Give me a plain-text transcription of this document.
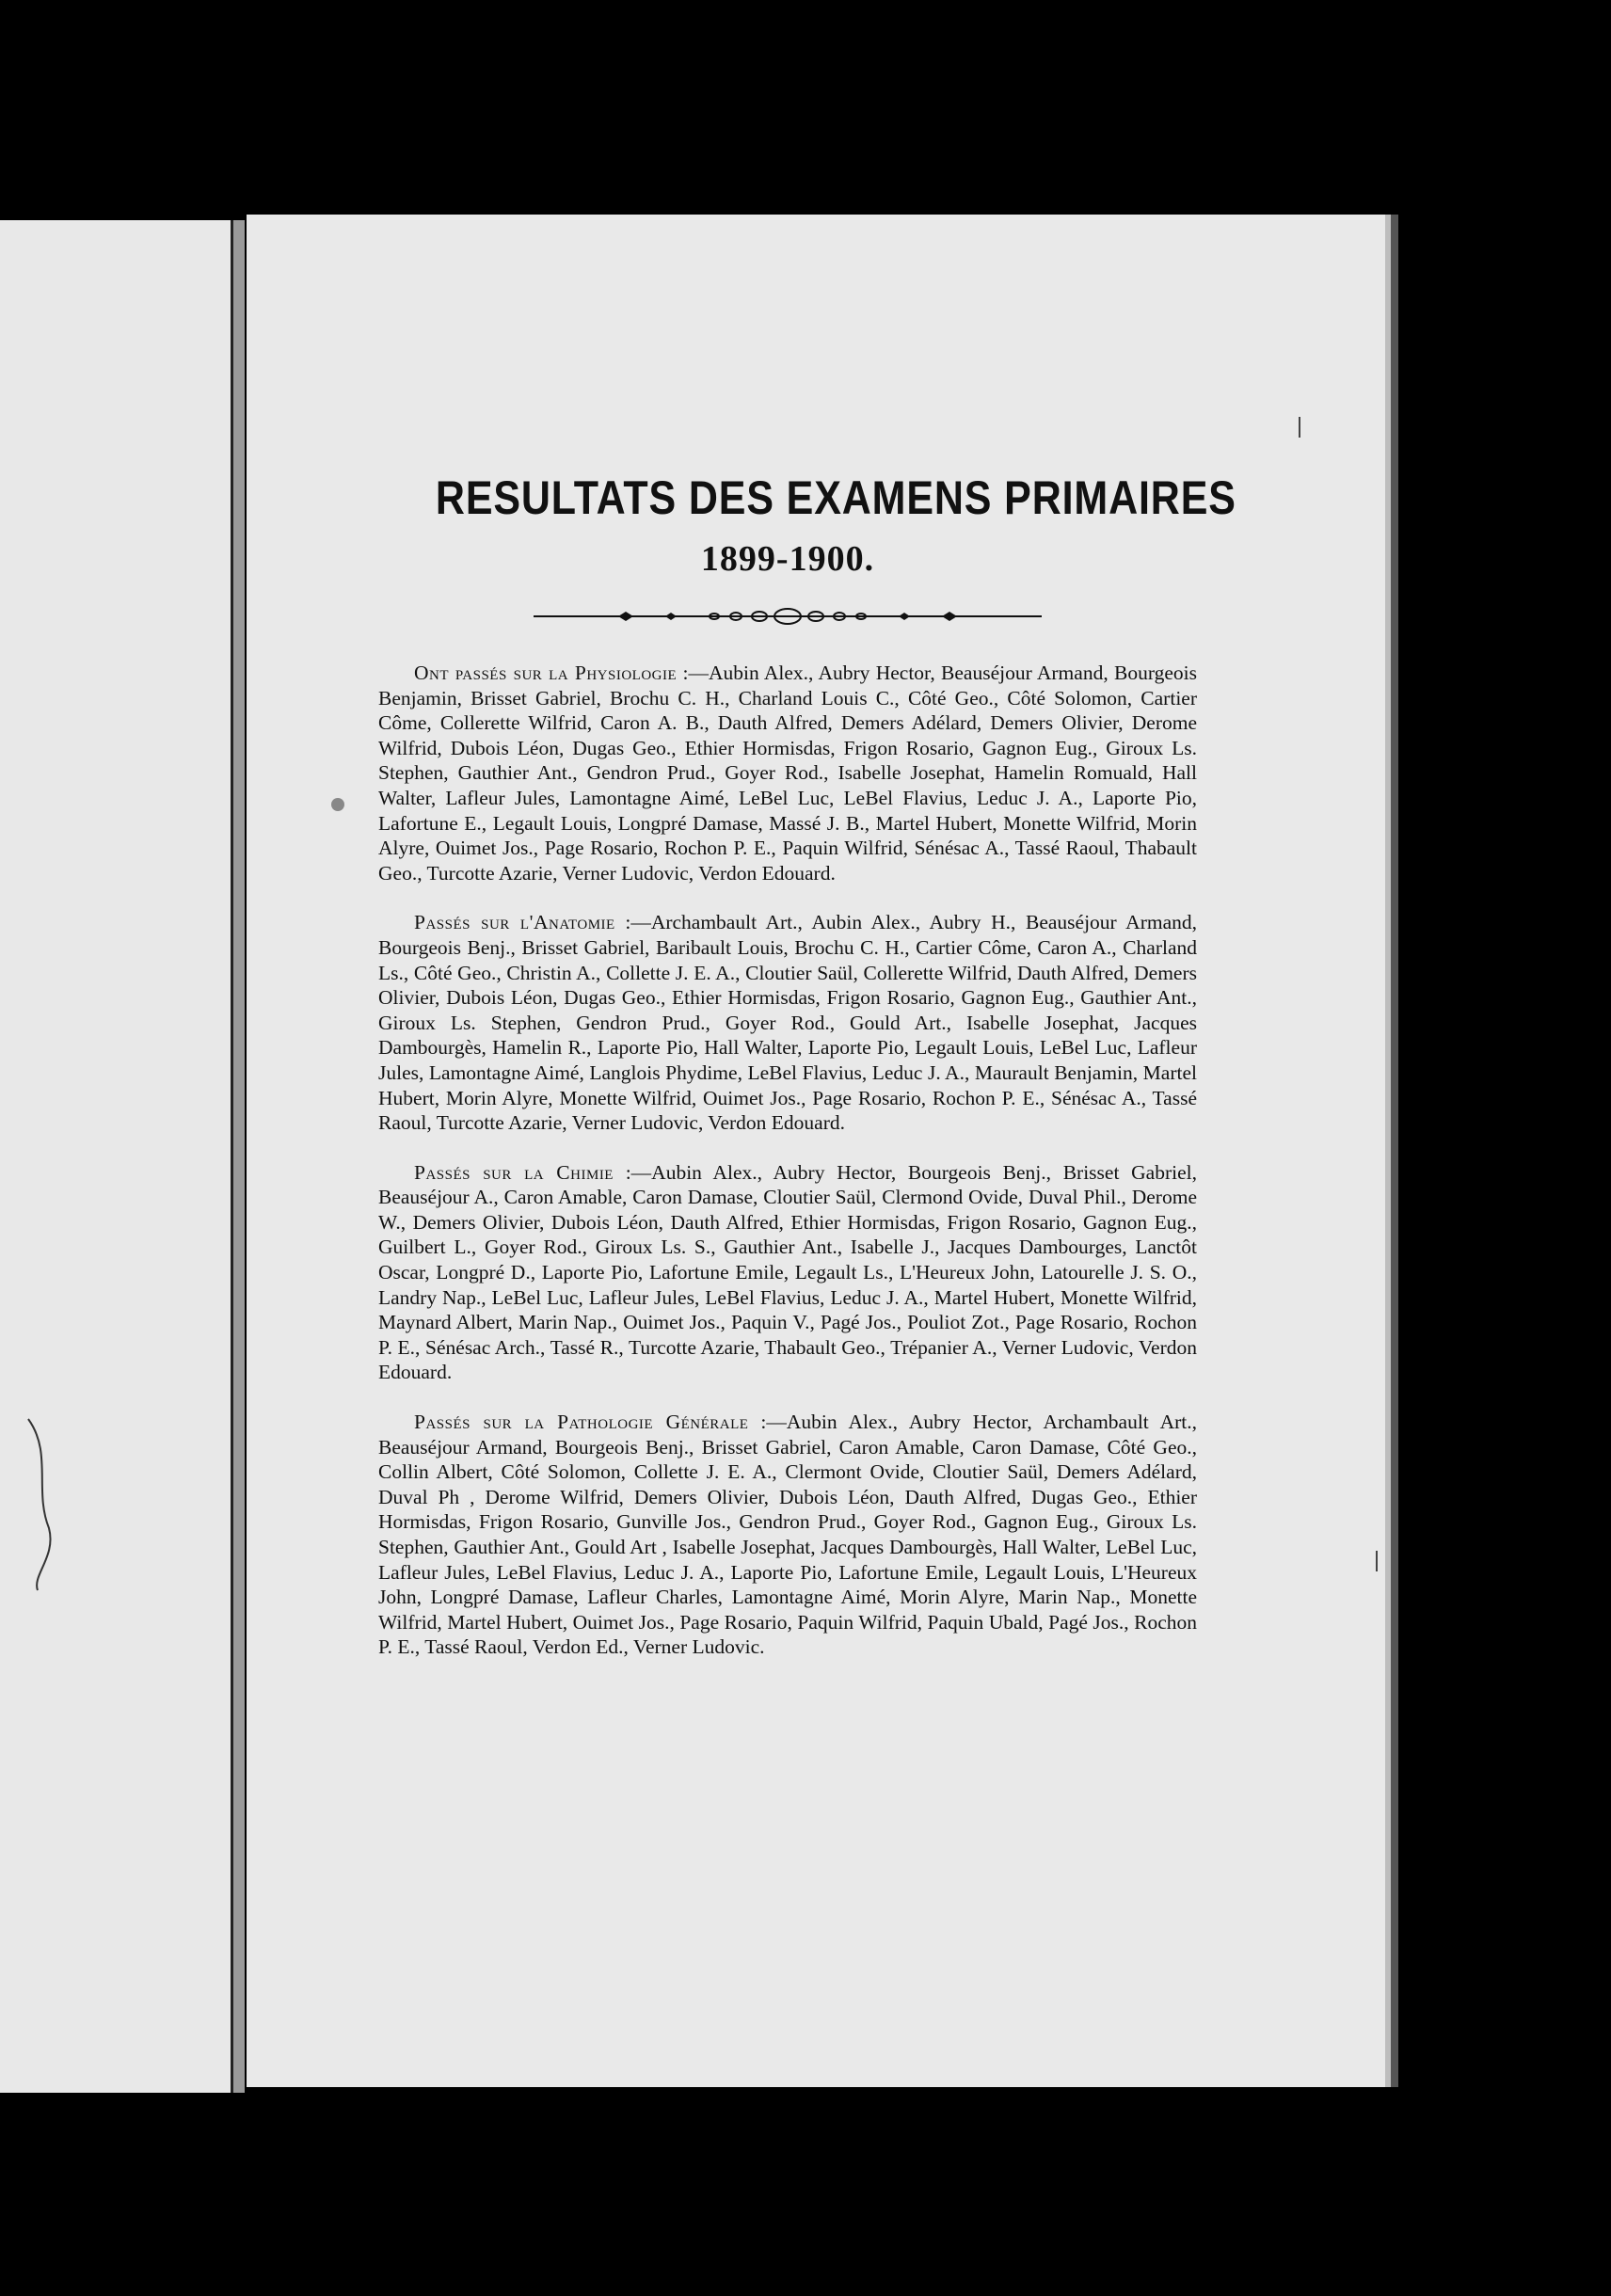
RESULTATS DES EXAMENS PRIMAIRES
1899-1900.

Ont passés sur la Physiologie :—Aubin Alex., Aubry Hector, Beauséjour Armand, Bourgeois Benjamin, Brisset Gabriel, Brochu C. H., Charland Louis C., Côté Geo., Côté Solomon, Cartier Côme, Collerette Wilfrid, Caron A. B., Dauth Alfred, Demers Adélard, Demers Olivier, Derome Wilfrid, Dubois Léon, Dugas Geo., Ethier Hormisdas, Frigon Rosario, Gagnon Eug., Giroux Ls. Stephen, Gauthier Ant., Gendron Prud., Goyer Rod., Isabelle Josephat, Hamelin Romuald, Hall Walter, Lafleur Jules, Lamontagne Aimé, LeBel Luc, LeBel Flavius, Leduc J. A., Laporte Pio, Lafortune E., Legault Louis, Longpré Damase, Massé J. B., Martel Hubert, Monette Wilfrid, Morin Alyre, Ouimet Jos., Page Rosario, Rochon P. E., Paquin Wilfrid, Sénésac A., Tassé Raoul, Thabault Geo., Turcotte Azarie, Verner Ludovic, Verdon Edouard.

Passés sur l'Anatomie :—Archambault Art., Aubin Alex., Aubry H., Beauséjour Armand, Bourgeois Benj., Brisset Gabriel, Baribault Louis, Brochu C. H., Cartier Côme, Caron A., Charland Ls., Côté Geo., Christin A., Collette J. E. A., Cloutier Saül, Collerette Wilfrid, Dauth Alfred, Demers Olivier, Dubois Léon, Dugas Geo., Ethier Hormisdas, Frigon Rosario, Gagnon Eug., Gauthier Ant., Giroux Ls. Stephen, Gendron Prud., Goyer Rod., Gould Art., Isabelle Josephat, Jacques Dambourgès, Hamelin R., Laporte Pio, Hall Walter, Laporte Pio, Legault Louis, LeBel Luc, Lafleur Jules, Lamontagne Aimé, Langlois Phydime, LeBel Flavius, Leduc J. A., Maurault Benjamin, Martel Hubert, Morin Alyre, Monette Wilfrid, Ouimet Jos., Page Rosario, Rochon P. E., Sénésac A., Tassé Raoul, Turcotte Azarie, Verner Ludovic, Verdon Edouard.

Passés sur la Chimie :—Aubin Alex., Aubry Hector, Bourgeois Benj., Brisset Gabriel, Beauséjour A., Caron Amable, Caron Damase, Cloutier Saül, Clermond Ovide, Duval Phil., Derome W., Demers Olivier, Dubois Léon, Dauth Alfred, Ethier Hormisdas, Frigon Rosario, Gagnon Eug., Guilbert L., Goyer Rod., Giroux Ls. S., Gauthier Ant., Isabelle J., Jacques Dambourges, Lanctôt Oscar, Longpré D., Laporte Pio, Lafortune Emile, Legault Ls., L'Heureux John, Latourelle J. S. O., Landry Nap., LeBel Luc, Lafleur Jules, LeBel Flavius, Leduc J. A., Martel Hubert, Monette Wilfrid, Maynard Albert, Marin Nap., Ouimet Jos., Paquin V., Pagé Jos., Pouliot Zot., Page Rosario, Rochon P. E., Sénésac Arch., Tassé R., Turcotte Azarie, Thabault Geo., Trépanier A., Verner Ludovic, Verdon Edouard.

Passés sur la Pathologie Générale :—Aubin Alex., Aubry Hector, Archambault Art., Beauséjour Armand, Bourgeois Benj., Brisset Gabriel, Caron Amable, Caron Damase, Côté Geo., Collin Albert, Côté Solomon, Collette J. E. A., Clermont Ovide, Cloutier Saül, Demers Adélard, Duval Ph , Derome Wilfrid, Demers Olivier, Dubois Léon, Dauth Alfred, Dugas Geo., Ethier Hormisdas, Frigon Rosario, Gunville Jos., Gendron Prud., Goyer Rod., Gagnon Eug., Giroux Ls. Stephen, Gauthier Ant., Gould Art , Isabelle Josephat, Jacques Dambourgès, Hall Walter, LeBel Luc, Lafleur Jules, LeBel Flavius, Leduc J. A., Laporte Pio, Lafortune Emile, Legault Louis, L'Heureux John, Longpré Damase, Lafleur Charles, Lamontagne Aimé, Morin Alyre, Marin Nap., Monette Wilfrid, Martel Hubert, Ouimet Jos., Page Rosario, Paquin Wilfrid, Paquin Ubald, Pagé Jos., Rochon P. E., Tassé Raoul, Verdon Ed., Verner Ludovic.
